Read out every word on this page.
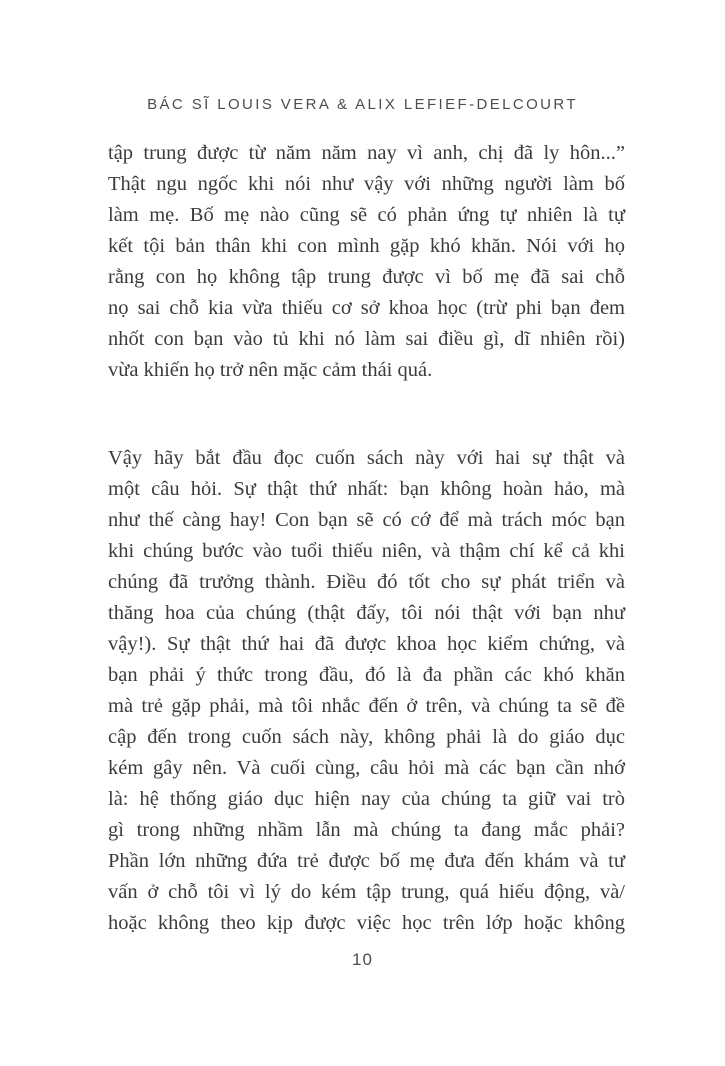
BÁC SĨ LOUIS VERA & ALIX LEFIEF-DELCOURT
tập trung được từ năm năm nay vì anh, chị đã ly hôn...”
Thật ngu ngốc khi nói như vậy với những người làm bố
làm mẹ. Bố mẹ nào cũng sẽ có phản ứng tự nhiên là tự
kết tội bản thân khi con mình gặp khó khăn. Nói với họ
rằng con họ không tập trung được vì bố mẹ đã sai chỗ
nọ sai chỗ kia vừa thiếu cơ sở khoa học (trừ phi bạn đem
nhốt con bạn vào tủ khi nó làm sai điều gì, dĩ nhiên rồi)
vừa khiến họ trở nên mặc cảm thái quá.
Vậy hãy bắt đầu đọc cuốn sách này với hai sự thật và
một câu hỏi. Sự thật thứ nhất: bạn không hoàn hảo, mà
như thế càng hay! Con bạn sẽ có cớ để mà trách móc bạn
khi chúng bước vào tuổi thiếu niên, và thậm chí kể cả khi
chúng đã trưởng thành. Điều đó tốt cho sự phát triển và
thăng hoa của chúng (thật đấy, tôi nói thật với bạn như
vậy!). Sự thật thứ hai đã được khoa học kiểm chứng, và
bạn phải ý thức trong đầu, đó là đa phần các khó khăn
mà trẻ gặp phải, mà tôi nhắc đến ở trên, và chúng ta sẽ đề
cập đến trong cuốn sách này, không phải là do giáo dục
kém gây nên. Và cuối cùng, câu hỏi mà các bạn cần nhớ
là: hệ thống giáo dục hiện nay của chúng ta giữ vai trò
gì trong những nhầm lẫn mà chúng ta đang mắc phải?
Phần lớn những đứa trẻ được bố mẹ đưa đến khám và tư
vấn ở chỗ tôi vì lý do kém tập trung, quá hiếu động, và/
hoặc không theo kịp được việc học trên lớp hoặc không
10
